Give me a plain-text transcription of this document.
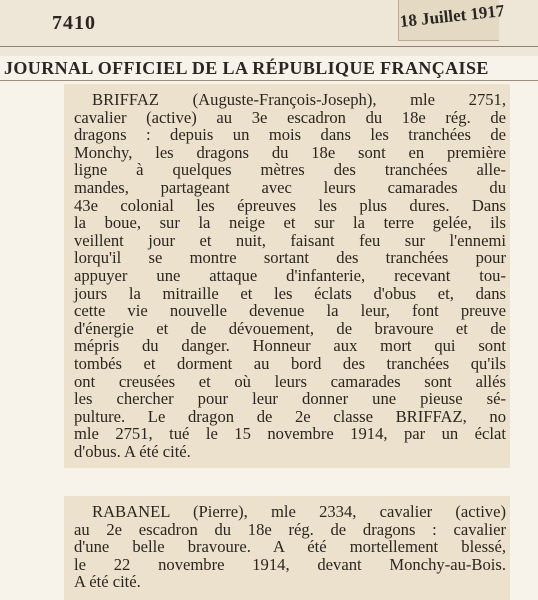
7410	18 Juillet 1917
JOURNAL OFFICIEL DE LA RÉPUBLIQUE FRANÇAISE
BRIFFAZ (Auguste-François-Joseph), mle 2751,
cavalier (active) au 3e escadron du 18e rég. de
dragons : depuis un mois dans les tranchées de
Monchy, les dragons du 18e sont en première
ligne à quelques mètres des tranchées alle-
mandes, partageant avec leurs camarades du
43e colonial les épreuves les plus dures. Dans
la boue, sur la neige et sur la terre gelée, ils
veillent jour et nuit, faisant feu sur l'ennemi
lorqu'il se montre sortant des tranchées pour
appuyer une attaque d'infanterie, recevant tou-
jours la mitraille et les éclats d'obus et, dans
cette vie nouvelle devenue la leur, font preuve
d'énergie et de dévouement, de bravoure et de
mépris du danger. Honneur aux mort qui sont
tombés et dorment au bord des tranchées qu'ils
ont creusées et où leurs camarades sont allés
les chercher pour leur donner une pieuse sé-
pulture. Le dragon de 2e classe BRIFFAZ, no
mle 2751, tué le 15 novembre 1914, par un éclat
d'obus. A été cité.
RABANEL (Pierre), mle 2334, cavalier (active)
au 2e escadron du 18e rég. de dragons : cavalier
d'une belle bravoure. A été mortellement blessé,
le 22 novembre 1914, devant Monchy-au-Bois.
A été cité.
